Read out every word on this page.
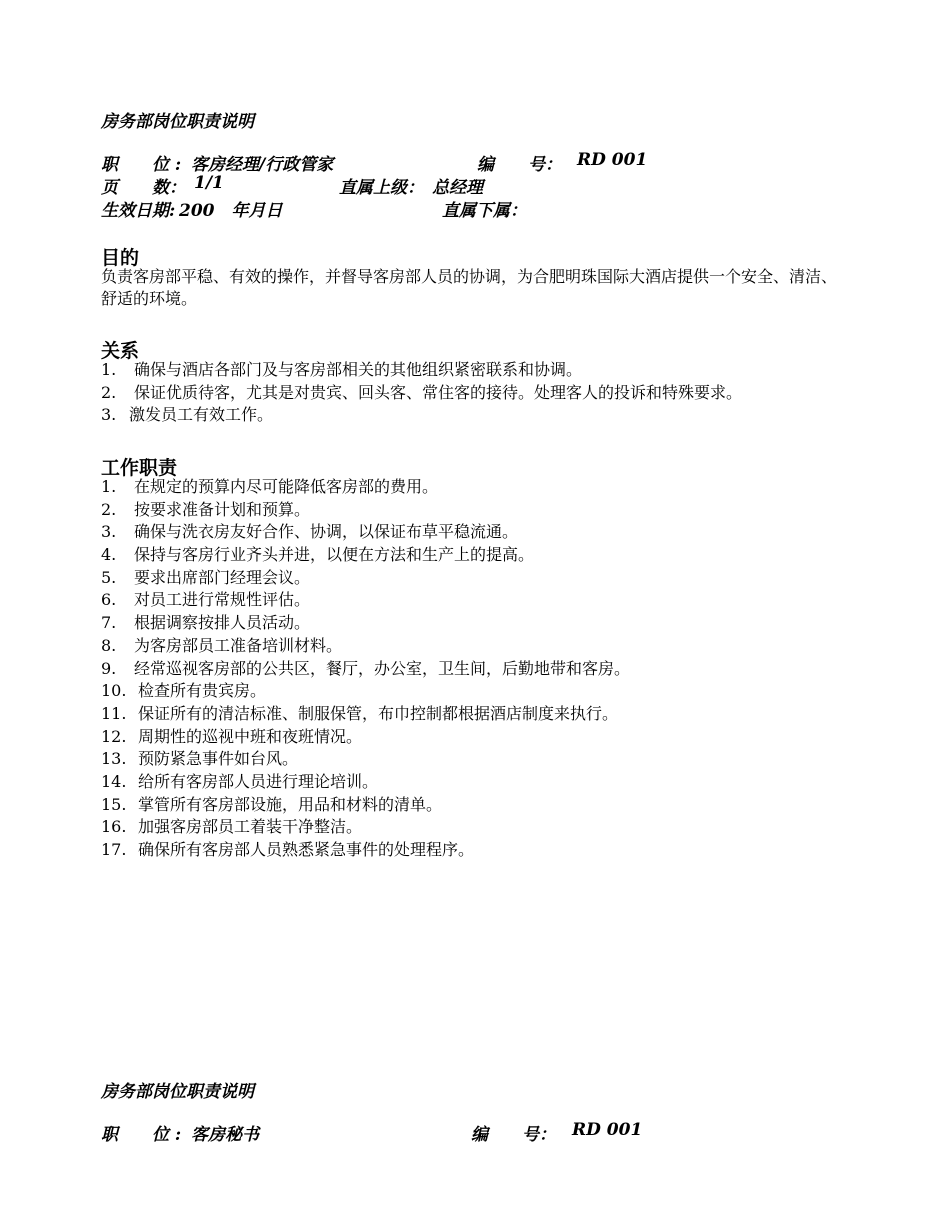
房务部岗位职责说明
职　　位 : 客房经理/行政管家	编　　号： RD 001
页　　数： 1/1	直属上级： 总经理
生效日期: 200　年月日	直属下属：
目的
负责客房部平稳、有效的操作，并督导客房部人员的协调，为合肥明珠国际大酒店提供一个安全、清洁、舒适的环境。
关系
1. 确保与酒店各部门及与客房部相关的其他组织紧密联系和协调。
2. 保证优质待客，尤其是对贵宾、回头客、常住客的接待。处理客人的投诉和特殊要求。
3. 激发员工有效工作。
工作职责
1. 在规定的预算内尽可能降低客房部的费用。
2. 按要求准备计划和预算。
3. 确保与洗衣房友好合作、协调，以保证布草平稳流通。
4. 保持与客房行业齐头并进，以便在方法和生产上的提高。
5. 要求出席部门经理会议。
6. 对员工进行常规性评估。
7. 根据调察按排人员活动。
8. 为客房部员工准备培训材料。
9. 经常巡视客房部的公共区，餐厅，办公室，卫生间，后勤地带和客房。
10. 检查所有贵宾房。
11. 保证所有的清洁标准、制服保管，布巾控制都根据酒店制度来执行。
12. 周期性的巡视中班和夜班情况。
13. 预防紧急事件如台风。
14. 给所有客房部人员进行理论培训。
15. 掌管所有客房部设施，用品和材料的清单。
16. 加强客房部员工着装干净整洁。
17. 确保所有客房部人员熟悉紧急事件的处理程序。
房务部岗位职责说明
职　　位 : 客房秘书	编　　号： RD 001
